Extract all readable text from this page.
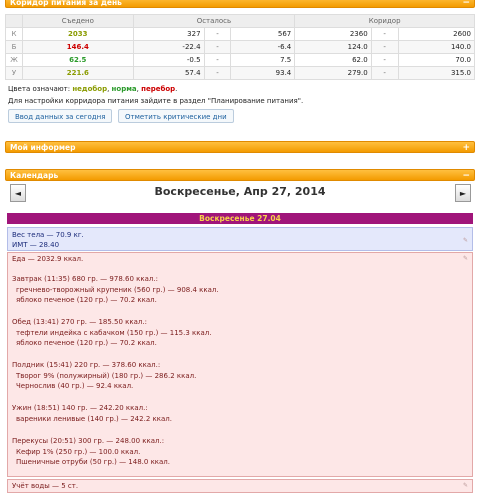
Коридор питания за день	−
	Съедено	Осталось			Коридор		
К	2033	327	-	567	2360	-	2600
Б	146.4	-22.4	-	-6.4	124.0	-	140.0
Ж	62.5	-0.5	-	7.5	62.0	-	70.0
У	221.6	57.4	-	93.4	279.0	-	315.0
Цвета означают: недобор, норма, перебор.
Для настройки корридора питания зайдите в раздел "Планирование питания".
Ввод данных за сегодня	Отметить критические дни
Мой информер	+
Календарь	−
◄	Воскресенье, Апр 27, 2014	►
Воскресенье 27.04
Вес тела — 70.9 кг.
ИМТ — 28.40
✎
Еда — 2032.9 ккал.	✎
Завтрак (11:35) 680 гр. — 978.60 ккал.:
гречнево-творожный крупеник (560 гр.) — 908.4 ккал.
яблоко печеное (120 гр.) — 70.2 ккал.
Обед (13:41) 270 гр. — 185.50 ккал.:
тефтели индейка с кабачком (150 гр.) — 115.3 ккал.
яблоко печеное (120 гр.) — 70.2 ккал.
Полдник (15:41) 220 гр. — 378.60 ккал.:
Творог 9% (полужирный) (180 гр.) — 286.2 ккал.
Чернослив (40 гр.) — 92.4 ккал.
Ужин (18:51) 140 гр. — 242.20 ккал.:
вареники ленивые (140 гр.) — 242.2 ккал.
Перекусы (20:51) 300 гр. — 248.00 ккал.:
Кефир 1% (250 гр.) — 100.0 ккал.
Пшеничные отруби (50 гр.) — 148.0 ккал.
Учёт воды — 5 ст.	✎
